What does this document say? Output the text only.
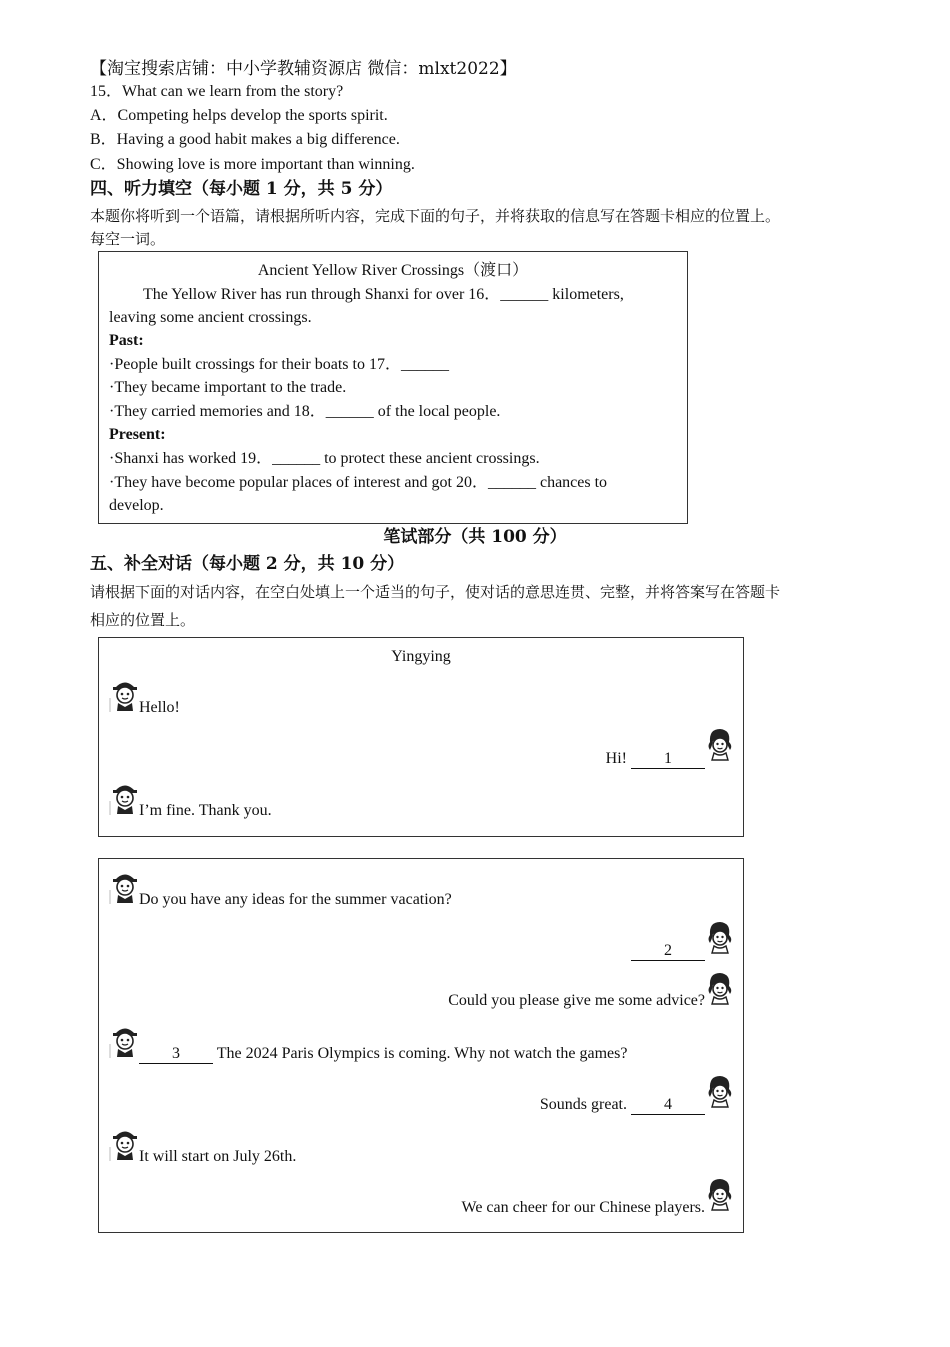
【淘宝搜索店铺：中小学教辅资源店 微信：mlxt2022】
15．What can we learn from the story?
A．Competing helps develop the sports spirit.
B．Having a good habit makes a big difference.
C．Showing love is more important than winning.
四、听力填空（每小题 1 分，共 5 分）
本题你将听到一个语篇，请根据所听内容，完成下面的句子，并将获取的信息写在答题卡相应的位置上。
每空一词。
Ancient Yellow River Crossings（渡口）
The Yellow River has run through Shanxi for over 16．______ kilometers,
leaving some ancient crossings.
Past:
·People built crossings for their boats to 17．______
·They became important to the trade.
·They carried memories and 18．______ of the local people.
Present:
·Shanxi has worked 19．______ to protect these ancient crossings.
·They have become popular places of interest and got 20．______ chances to
develop.
笔试部分（共 100 分）
五、补全对话（每小题 2 分，共 10 分）
请根据下面的对话内容，在空白处填上一个适当的句子，使对话的意思连贯、完整，并将答案写在答题卡
相应的位置上。
Yingying
Hello!
Hi! 1
I’m fine. Thank you.
Do you have any ideas for the summer vacation?
2
Could you please give me some advice?
3 The 2024 Paris Olympics is coming. Why not watch the games?
Sounds great. 4
It will start on July 26th.
We can cheer for our Chinese players.
